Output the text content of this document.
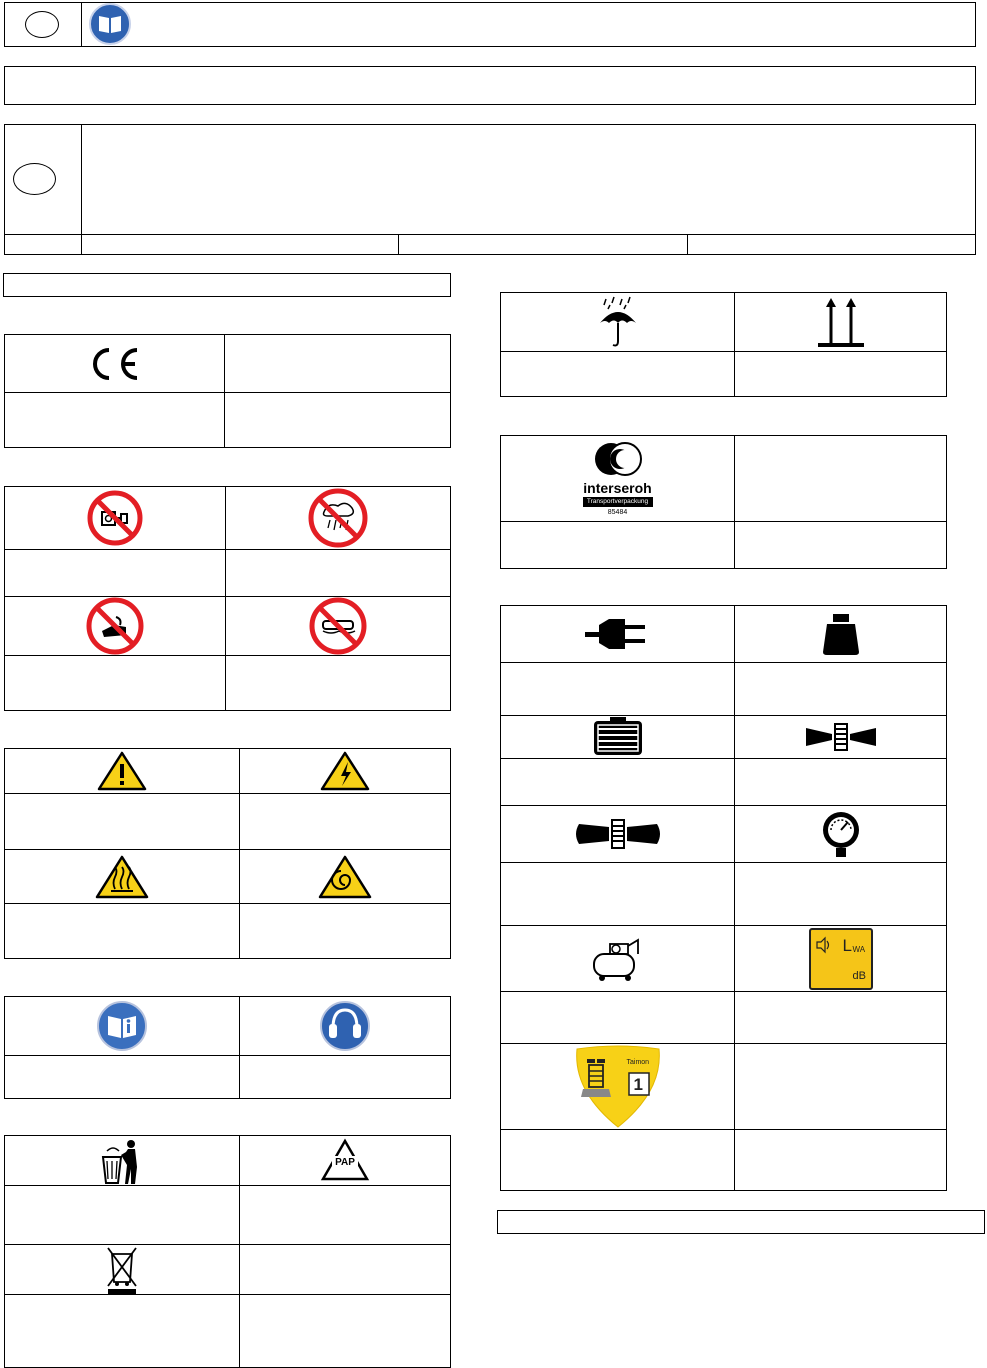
PAP

interseroh
Transportverpackung
85484	

L WA
dB

Taimon
1	
